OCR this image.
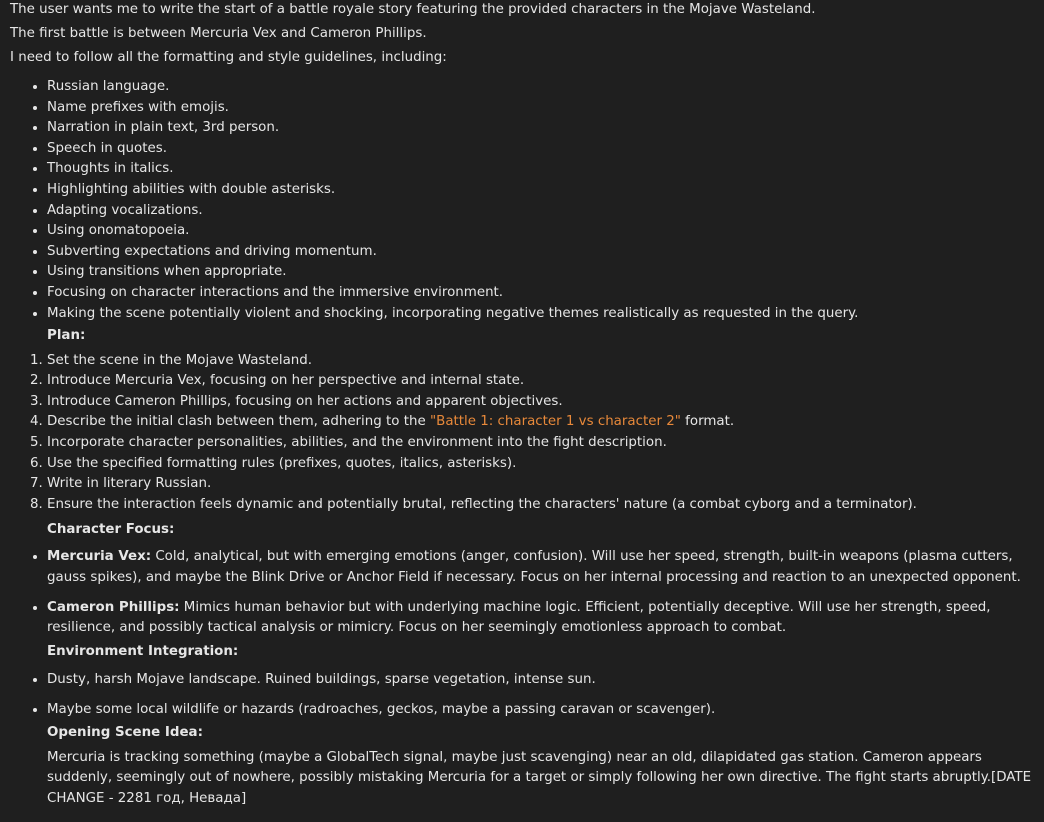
The user wants me to write the start of a battle royale story featuring the provided characters in the Mojave Wasteland.

The first battle is between Mercuria Vex and Cameron Phillips.

I need to follow all the formatting and style guidelines, including:

• Russian language.
• Name prefixes with emojis.
• Narration in plain text, 3rd person.
• Speech in quotes.
• Thoughts in italics.
• Highlighting abilities with double asterisks.
• Adapting vocalizations.
• Using onomatopoeia.
• Subverting expectations and driving momentum.
• Using transitions when appropriate.
• Focusing on character interactions and the immersive environment.
• Making the scene potentially violent and shocking, incorporating negative themes realistically as requested in the query.
Plan:
1. Set the scene in the Mojave Wasteland.
2. Introduce Mercuria Vex, focusing on her perspective and internal state.
3. Introduce Cameron Phillips, focusing on her actions and apparent objectives.
4. Describe the initial clash between them, adhering to the "Battle 1: character 1 vs character 2" format.
5. Incorporate character personalities, abilities, and the environment into the fight description.
6. Use the specified formatting rules (prefixes, quotes, italics, asterisks).
7. Write in literary Russian.
8. Ensure the interaction feels dynamic and potentially brutal, reflecting the characters' nature (a combat cyborg and a terminator).
Character Focus:
• Mercuria Vex: Cold, analytical, but with emerging emotions (anger, confusion). Will use her speed, strength, built-in weapons (plasma cutters, gauss spikes), and maybe the Blink Drive or Anchor Field if necessary. Focus on her internal processing and reaction to an unexpected opponent.
• Cameron Phillips: Mimics human behavior but with underlying machine logic. Efficient, potentially deceptive. Will use her strength, speed, resilience, and possibly tactical analysis or mimicry. Focus on her seemingly emotionless approach to combat.
Environment Integration:
• Dusty, harsh Mojave landscape. Ruined buildings, sparse vegetation, intense sun.
• Maybe some local wildlife or hazards (radroaches, geckos, maybe a passing caravan or scavenger).
Opening Scene Idea:
Mercuria is tracking something (maybe a GlobalTech signal, maybe just scavenging) near an old, dilapidated gas station. Cameron appears suddenly, seemingly out of nowhere, possibly mistaking Mercuria for a target or simply following her own directive. The fight starts abruptly.[DATE CHANGE - 2281 год, Невада]
